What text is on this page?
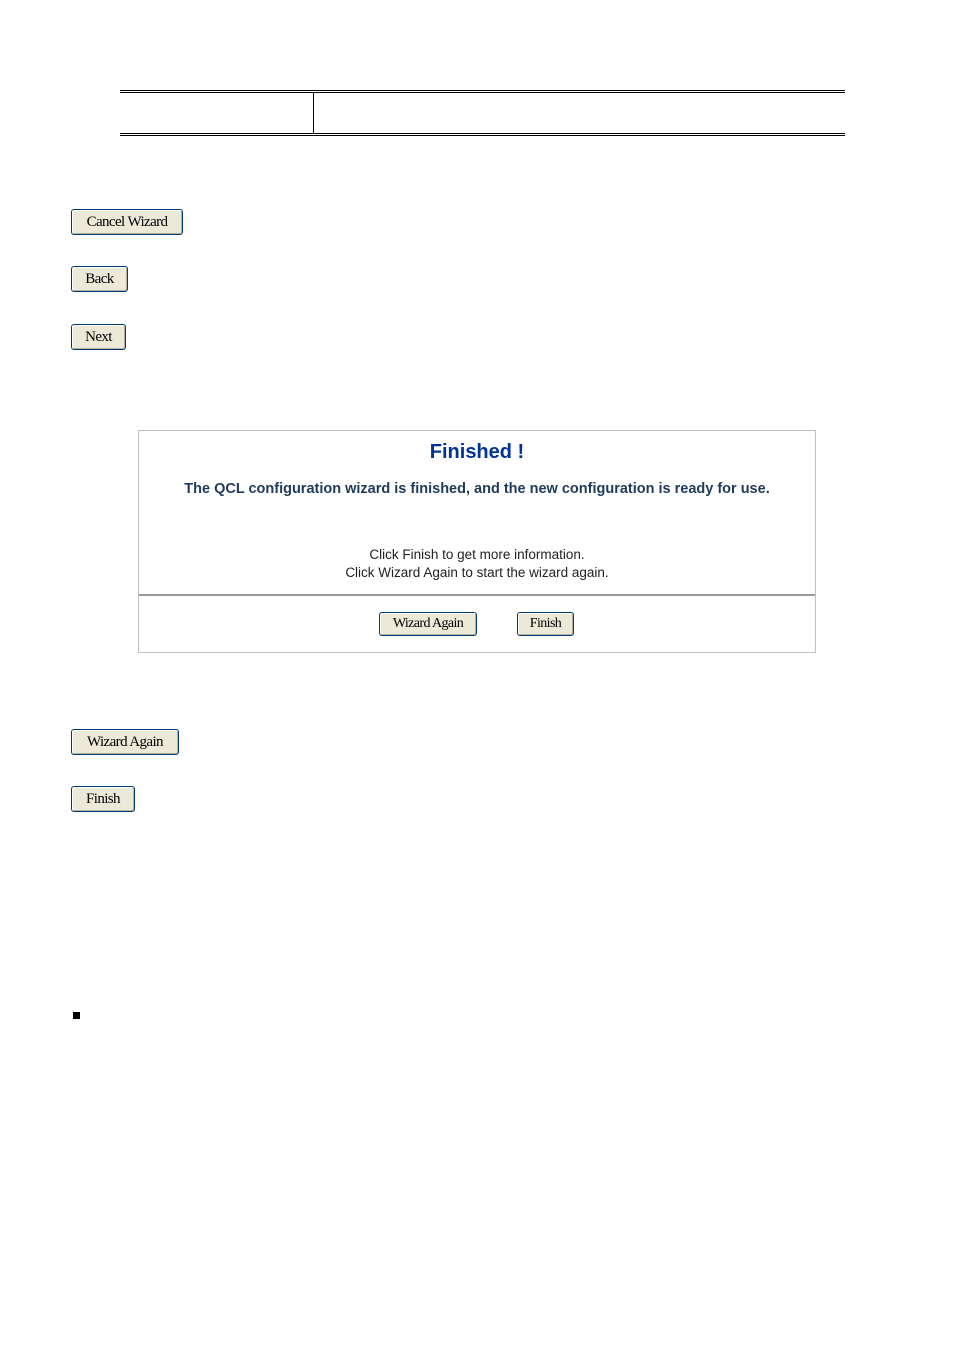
Cancel Wizard
Back
Next
Finished !
The QCL configuration wizard is finished, and the new configuration is ready for use.
Click Finish to get more information.
Click Wizard Again to start the wizard again.
Wizard Again	Finish
Wizard Again
Finish
